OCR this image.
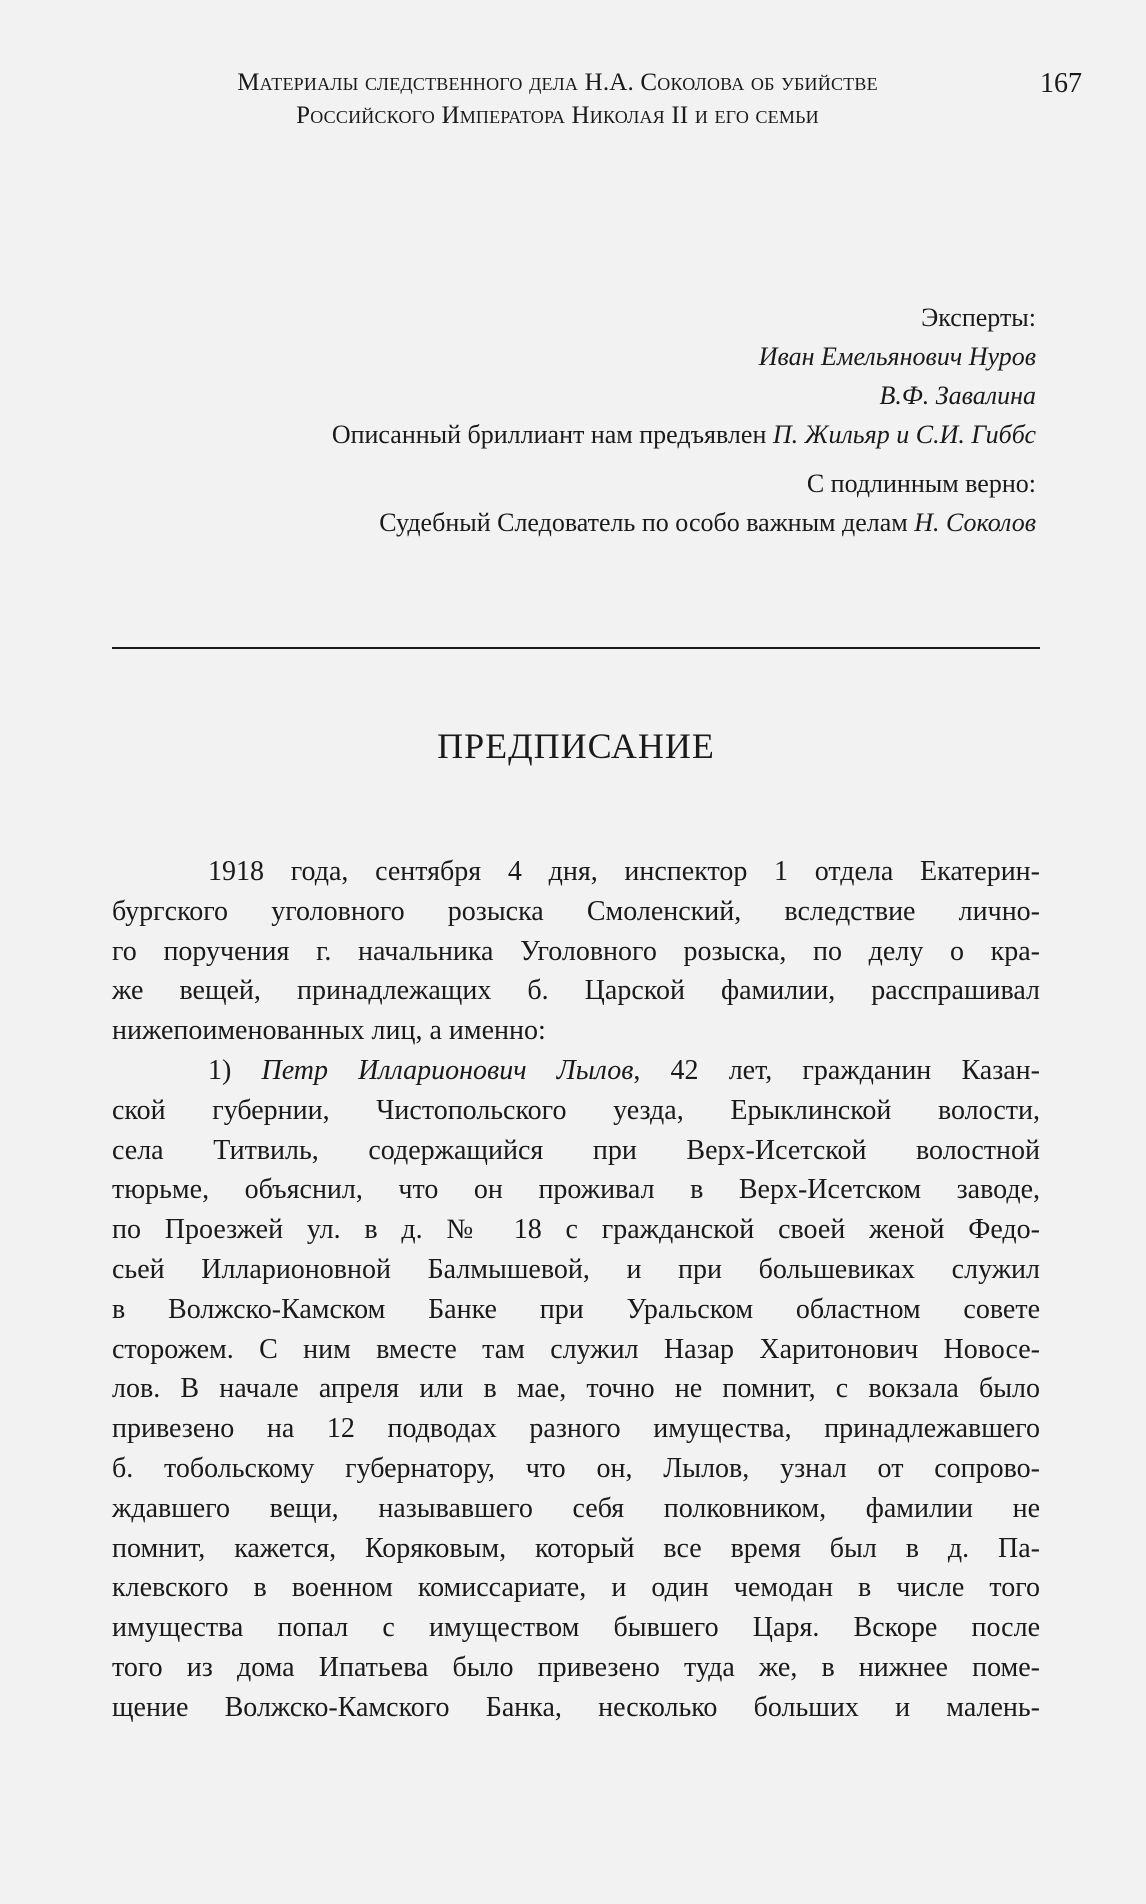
Материалы следственного дела Н.А. Соколова об убийстве
Российского Императора Николая II и его семьи
167
Эксперты:
Иван Емельянович Нуров
В.Ф. Завалина
Описанный бриллиант нам предъявлен П. Жильяр и С.И. Гиббс
С подлинным верно:
Судебный Следователь по особо важным делам Н. Соколов
ПРЕДПИСАНИЕ
1918 года, сентября 4 дня, инспектор 1 отдела Екатерин-
бургского уголовного розыска Смоленский, вследствие лично-
го поручения г. начальника Уголовного розыска, по делу о кра-
же вещей, принадлежащих б. Царской фамилии, расспрашивал
нижепоименованных лиц, а именно:
1) Петр Илларионович Лылов, 42 лет, гражданин Казан-
ской губернии, Чистопольского уезда, Ерыклинской волости,
села Титвиль, содержащийся при Верх-Исетской волостной
тюрьме, объяснил, что он проживал в Верх-Исетском заводе,
по Проезжей ул. в д. № 18 с гражданской своей женой Федо-
сьей Илларионовной Балмышевой, и при большевиках служил
в Волжско-Камском Банке при Уральском областном совете
сторожем. С ним вместе там служил Назар Харитонович Новосе-
лов. В начале апреля или в мае, точно не помнит, с вокзала было
привезено на 12 подводах разного имущества, принадлежавшего
б. тобольскому губернатору, что он, Лылов, узнал от сопрово-
ждавшего вещи, называвшего себя полковником, фамилии не
помнит, кажется, Коряковым, который все время был в д. Па-
клевского в военном комиссариате, и один чемодан в числе того
имущества попал с имуществом бывшего Царя. Вскоре после
того из дома Ипатьева было привезено туда же, в нижнее поме-
щение Волжско-Камского Банка, несколько больших и малень-
